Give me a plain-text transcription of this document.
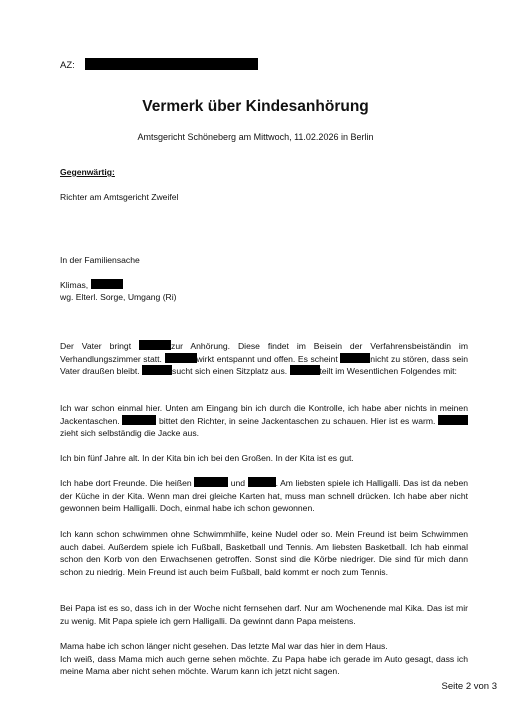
AZ:
Vermerk über Kindesanhörung
Amtsgericht Schöneberg am Mittwoch, 11.02.2026 in Berlin
Gegenwärtig:
Richter am Amtsgericht Zweifel
In der Familiensache
Klimas,
wg. Elterl. Sorge, Umgang (Ri)
Der Vater bringt	zur Anhörung. Diese findet im Beisein der Verfahrensbeiständin im Verhandlungszimmer statt.	wirkt entspannt und offen. Es scheint	nicht zu stören, dass sein Vater draußen bleibt.	sucht sich einen Sitzplatz aus.	teilt im Wesentlichen Folgendes mit:
Ich war schon einmal hier. Unten am Eingang bin ich durch die Kontrolle, ich habe aber nichts in meinen Jackentaschen.	bittet den Richter, in seine Jackentaschen zu schauen. Hier ist es warm.  zieht sich selbständig die Jacke aus.
Ich bin fünf Jahre alt. In der Kita bin ich bei den Großen. In der Kita ist es gut.
Ich habe dort Freunde. Die heißen	und	. Am liebsten spiele ich Halligalli. Das ist da neben der Küche in der Kita. Wenn man drei gleiche Karten hat, muss man schnell drücken. Ich habe aber nicht gewonnen beim Halligalli. Doch, einmal habe ich schon gewonnen.
Ich kann schon schwimmen ohne Schwimmhilfe, keine Nudel oder so. Mein Freund ist beim Schwimmen auch dabei. Außerdem spiele ich Fußball, Basketball und Tennis. Am liebsten Basketball. Ich hab einmal schon den Korb von den Erwachsenen getroffen. Sonst sind die Körbe niedriger. Die sind für mich dann schon zu niedrig. Mein Freund ist auch beim Fußball, bald kommt er noch zum Tennis.
Bei Papa ist es so, dass ich in der Woche nicht fernsehen darf. Nur am Wochenende mal Kika. Das ist mir zu wenig. Mit Papa spiele ich gern Halligalli. Da gewinnt dann Papa meistens.
Mama habe ich schon länger nicht gesehen. Das letzte Mal war das hier in dem Haus.
Ich weiß, dass Mama mich auch gerne sehen möchte. Zu Papa habe ich gerade im Auto gesagt, dass ich meine Mama aber nicht sehen möchte. Warum kann ich jetzt nicht sagen.
Seite 2 von 3
